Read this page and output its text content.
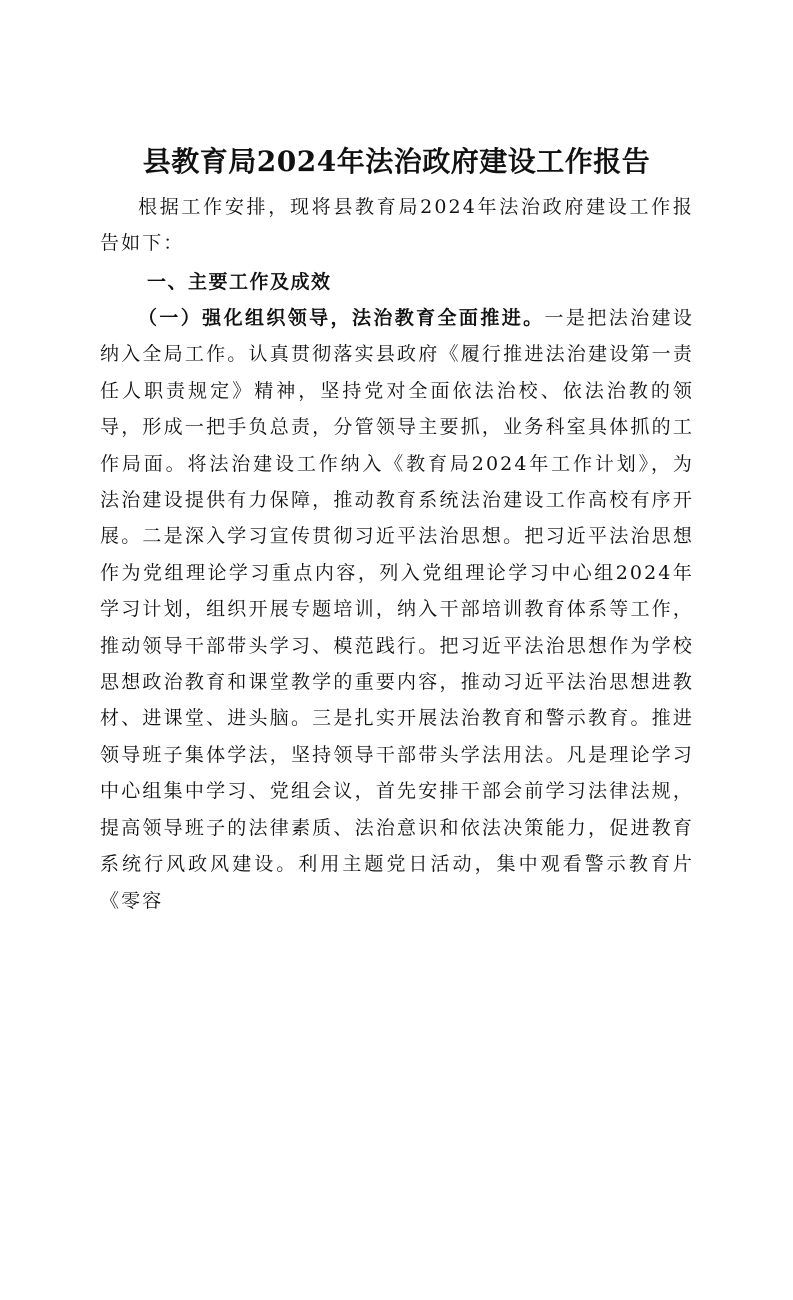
县教育局2024年法治政府建设工作报告

根据工作安排，现将县教育局2024年法治政府建设工作报告如下：

一、主要工作及成效

（一）强化组织领导，法治教育全面推进。一是把法治建设纳入全局工作。认真贯彻落实县政府《履行推进法治建设第一责任人职责规定》精神，坚持党对全面依法治校、依法治教的领导，形成一把手负总责，分管领导主要抓，业务科室具体抓的工作局面。将法治建设工作纳入《教育局2024年工作计划》，为法治建设提供有力保障，推动教育系统法治建设工作高校有序开展。二是深入学习宣传贯彻习近平法治思想。把习近平法治思想作为党组理论学习重点内容，列入党组理论学习中心组2024年学习计划，组织开展专题培训，纳入干部培训教育体系等工作，推动领导干部带头学习、模范践行。把习近平法治思想作为学校思想政治教育和课堂教学的重要内容，推动习近平法治思想进教材、进课堂、进头脑。三是扎实开展法治教育和警示教育。推进领导班子集体学法，坚持领导干部带头学法用法。凡是理论学习中心组集中学习、党组会议，首先安排干部会前学习法律法规，提高领导班子的法律素质、法治意识和依法决策能力，促进教育系统行风政风建设。利用主题党日活动，集中观看警示教育片《零容
